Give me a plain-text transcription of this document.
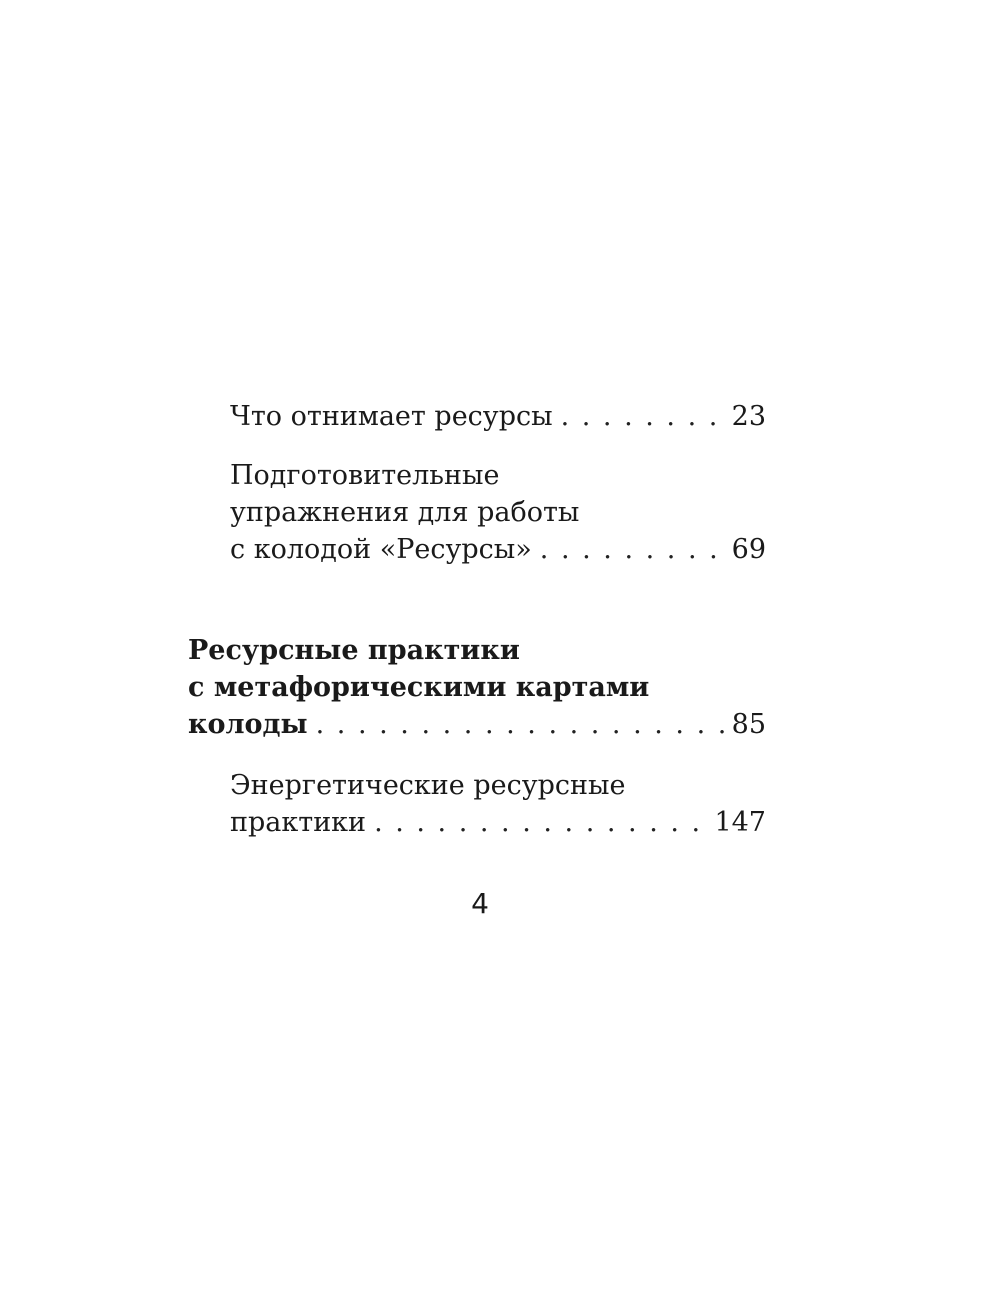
Что отнимает ресурсы . . .	23
Подготовительные
упражнения для работы
с колодой «Ресурсы» . . .	69
Ресурсные практики
с метафорическими картами
колоды . . .	85
Энергетические ресурсные
практики . . .	147
4
